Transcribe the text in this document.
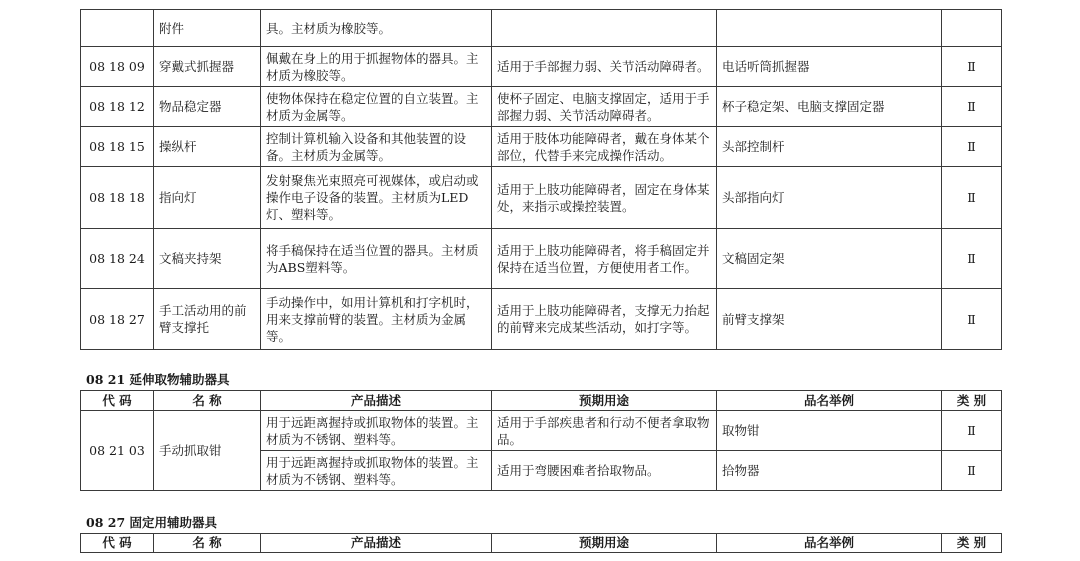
	附件	具。主材质为橡胶等。			
08 18 09	穿戴式抓握器	佩戴在身上的用于抓握物体的器具。主材质为橡胶等。	适用于手部握力弱、关节活动障碍者。	电话听筒抓握器	Ⅱ
08 18 12	物品稳定器	使物体保持在稳定位置的自立装置。主材质为金属等。	使杯子固定、电脑支撑固定，适用于手部握力弱、关节活动障碍者。	杯子稳定架、电脑支撑固定器	Ⅱ
08 18 15	操纵杆	控制计算机输入设备和其他装置的设备。主材质为金属等。	适用于肢体功能障碍者，戴在身体某个部位，代替手来完成操作活动。	头部控制杆	Ⅱ
08 18 18	指向灯	发射聚焦光束照亮可视媒体，或启动或操作电子设备的装置。主材质为LED灯、塑料等。	适用于上肢功能障碍者，固定在身体某处，来指示或操控装置。	头部指向灯	Ⅱ
08 18 24	文稿夹持架	将手稿保持在适当位置的器具。主材质为ABS塑料等。	适用于上肢功能障碍者，将手稿固定并保持在适当位置，方便使用者工作。	文稿固定架	Ⅱ
08 18 27	手工活动用的前臂支撑托	手动操作中，如用计算机和打字机时，用来支撑前臂的装置。主材质为金属等。	适用于上肢功能障碍者，支撑无力抬起的前臂来完成某些活动，如打字等。	前臂支撑架	Ⅱ
08 21 延伸取物辅助器具
代 码	名 称	产品描述	预期用途	品名举例	类 别
08 21 03	手动抓取钳	用于远距离握持或抓取物体的装置。主材质为不锈钢、塑料等。	适用于手部疾患者和行动不便者拿取物品。	取物钳	Ⅱ
		用于远距离握持或抓取物体的装置。主材质为不锈钢、塑料等。	适用于弯腰困难者拾取物品。	拾物器	Ⅱ
08 27 固定用辅助器具
代 码	名 称	产品描述	预期用途	品名举例	类 别
